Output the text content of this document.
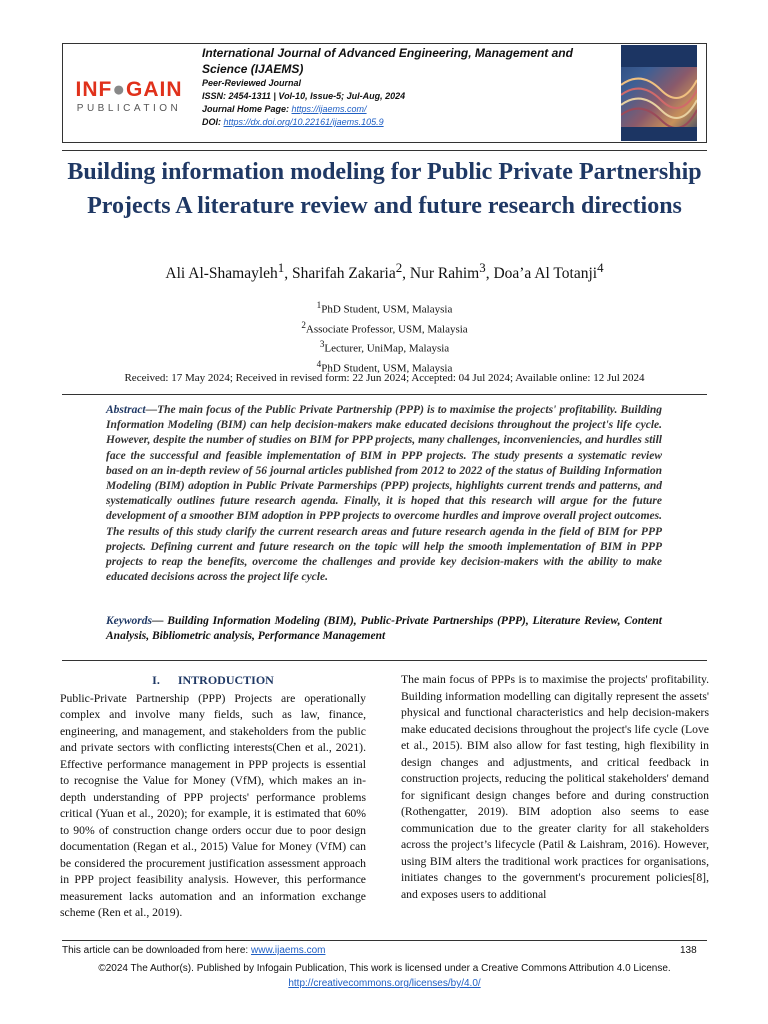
INF●GAIN
PUBLICATION
International Journal of Advanced Engineering, Management and Science (IJAEMS)
Peer-Reviewed Journal
ISSN: 2454-1311 | Vol-10, Issue-5; Jul-Aug, 2024
Journal Home Page: https://ijaems.com/
DOI: https://dx.doi.org/10.22161/ijaems.105.9
Building information modeling for Public Private Partnership Projects A literature review and future research directions
Ali Al-Shamayleh$^1$, Sharifah Zakaria$^2$, Nur Rahim$^3$, Doa’a Al Totanji$^4$
$^1$PhD Student, USM, Malaysia
$^2$Associate Professor, USM, Malaysia
$^3$Lecturer, UniMap, Malaysia
$^4$PhD Student, USM, Malaysia
Received: 17 May 2024; Received in revised form: 22 Jun 2024; Accepted: 04 Jul 2024; Available online: 12 Jul 2024
Abstract—The main focus of the Public Private Partnership (PPP) is to maximise the projects' profitability. Building Information Modeling (BIM) can help decision-makers make educated decisions throughout the project's life cycle. However, despite the number of studies on BIM for PPP projects, many challenges, inconveniencies, and hurdles still face the successful and feasible implementation of BIM in PPP projects. The study presents a systematic review based on an in-depth review of 56 journal articles published from 2012 to 2022 of the status of Building Information Modeling (BIM) adoption in Public Private Parmerships (PPP) projects, highlights current trends and patterns, and systematically outlines future research agenda. Finally, it is hoped that this research will argue for the future development of a smoother BIM adoption in PPP projects to overcome hurdles and improve overall project outcomes. The results of this study clarify the current research areas and future research agenda in the field of BIM for PPP projects. Defining current and future research on the topic will help the smooth implementation of BIM in PPP projects to reap the benefits, overcome the challenges and provide key decision-makers with the ability to make educated decisions across the project life cycle.
Keywords— Building Information Modeling (BIM), Public-Private Partnerships (PPP), Literature Review, Content Analysis, Bibliometric analysis, Performance Management
I. INTRODUCTION

Public-Private Partnership (PPP) Projects are operationally complex and involve many fields, such as law, finance, engineering, and management, and stakeholders from the public and private sectors with conflicting interests(Chen et al., 2021). Effective performance management in PPP projects is essential to recognise the Value for Money (VfM), which makes an in-depth understanding of PPP projects' performance problems critical (Yuan et al., 2020); for example, it is estimated that 60% to 90% of construction change orders occur due to poor design documentation (Regan et al., 2015) Value for Money (VfM) can be considered the procurement justification assessment approach in PPP project feasibility analysis. However, this performance measurement lacks automation and an information exchange scheme (Ren et al., 2019).

The main focus of PPPs is to maximise the projects' profitability. Building information modelling can digitally represent the assets' physical and functional characteristics and help decision-makers make educated decisions throughout the project's life cycle (Love et al., 2015). BIM also allow for fast testing, high flexibility in design changes and adjustments, and critical feedback in construction projects, reducing the political stakeholders' demand for significant design changes before and during construction (Rothengatter, 2019). BIM adoption also seems to ease communication due to the greater clarity for all stakeholders across the project’s lifecycle (Patil & Laishram, 2016). However, using BIM alters the traditional work practices for organisations, initiates changes to the government's procurement policies[8], and exposes users to additional

This article can be downloaded from here: www.ijaems.com	138
©2024 The Author(s). Published by Infogain Publication, This work is licensed under a Creative Commons Attribution 4.0 License.
http://creativecommons.org/licenses/by/4.0/
